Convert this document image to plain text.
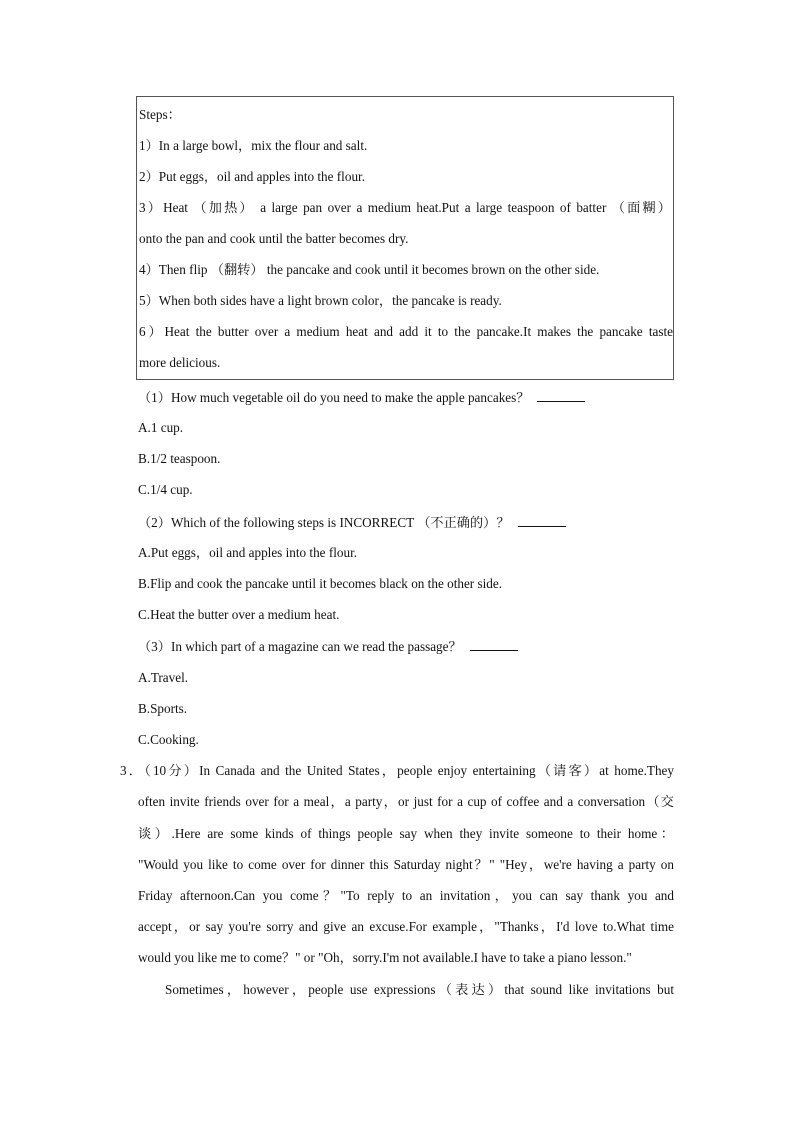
Steps：
1）In a large bowl，mix the flour and salt.
2）Put eggs，oil and apples into the flour.
3）Heat （加热） a large pan over a medium heat.Put a large teaspoon of batter （面糊）
onto the pan and cook until the batter becomes dry.
4）Then flip （翻转） the pancake and cook until it becomes brown on the other side.
5）When both sides have a light brown color，the pancake is ready.
6）Heat the butter over a medium heat and add it to the pancake.It makes the pancake taste
more delicious.
（1）How much vegetable oil do you need to make the apple pancakes？
A.1 cup.
B.1/2 teaspoon.
C.1/4 cup.
（2）Which of the following steps is INCORRECT （不正确的）？
A.Put eggs，oil and apples into the flour.
B.Flip and cook the pancake until it becomes black on the other side.
C.Heat the butter over a medium heat.
（3）In which part of a magazine can we read the passage？
A.Travel.
B.Sports.
C.Cooking.
3．（10分）In Canada and the United States，people enjoy entertaining（请客）at home.They
often invite friends over for a meal，a party，or just for a cup of coffee and a conversation（交
谈）.Here are some kinds of things people say when they invite someone to their home：
"Would you like to come over for dinner this Saturday night？" "Hey，we're having a party on
Friday afternoon.Can you come？"To reply to an invitation，you can say thank you and
accept，or say you're sorry and give an excuse.For example，"Thanks，I'd love to.What time
would you like me to come？" or "Oh，sorry.I'm not available.I have to take a piano lesson."
Sometimes，however，people use expressions（表达）that sound like invitations but
